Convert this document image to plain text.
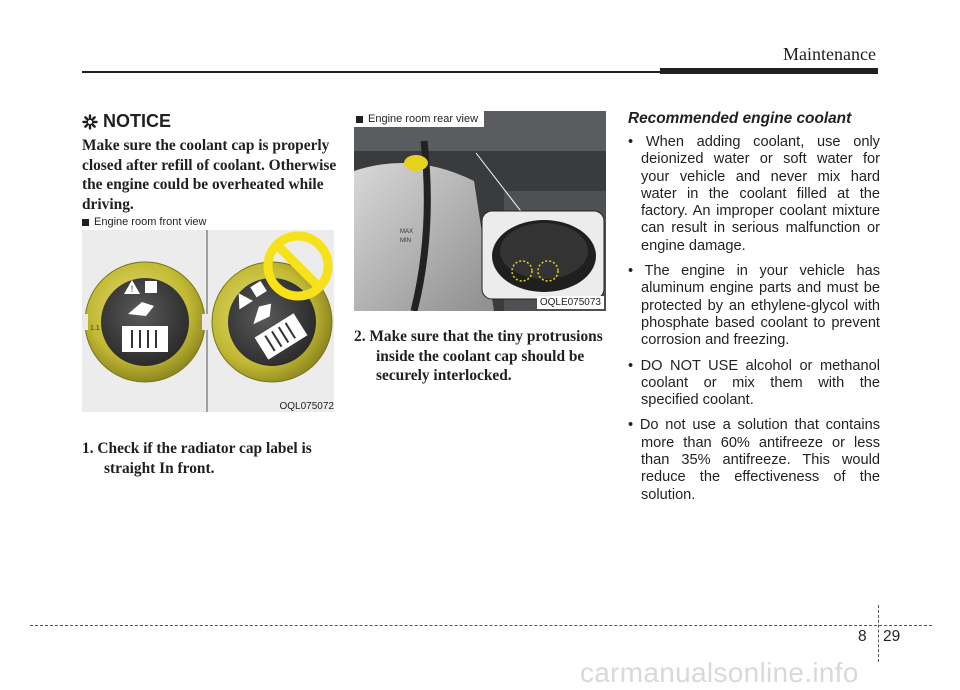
Maintenance
NOTICE

Make sure the coolant cap is properly closed after refill of coolant. Otherwise the engine could be overheated while driving.

Engine room front view
!
1.1
OQL075072

1. Check if the radiator cap label is straight In front.

MAX
MIN
Engine room rear view
OQLE075073

2. Make sure that the tiny protrusions inside the coolant cap should be securely interlocked.

Recommended engine coolant

• When adding coolant, use only deionized water or soft water for your vehicle and never mix hard water in the coolant filled at the factory. An improper coolant mixture can result in serious malfunction or engine damage.

• The engine in your vehicle has aluminum engine parts and must be protected by an ethylene-glycol with phosphate based coolant to prevent corrosion and freezing.

• DO NOT USE alcohol or methanol coolant or mix them with the specified coolant.

• Do not use a solution that contains more than 60% antifreeze or less than 35% antifreeze. This would reduce the effectiveness of the solution.

8 29
carmanualsonline.info
